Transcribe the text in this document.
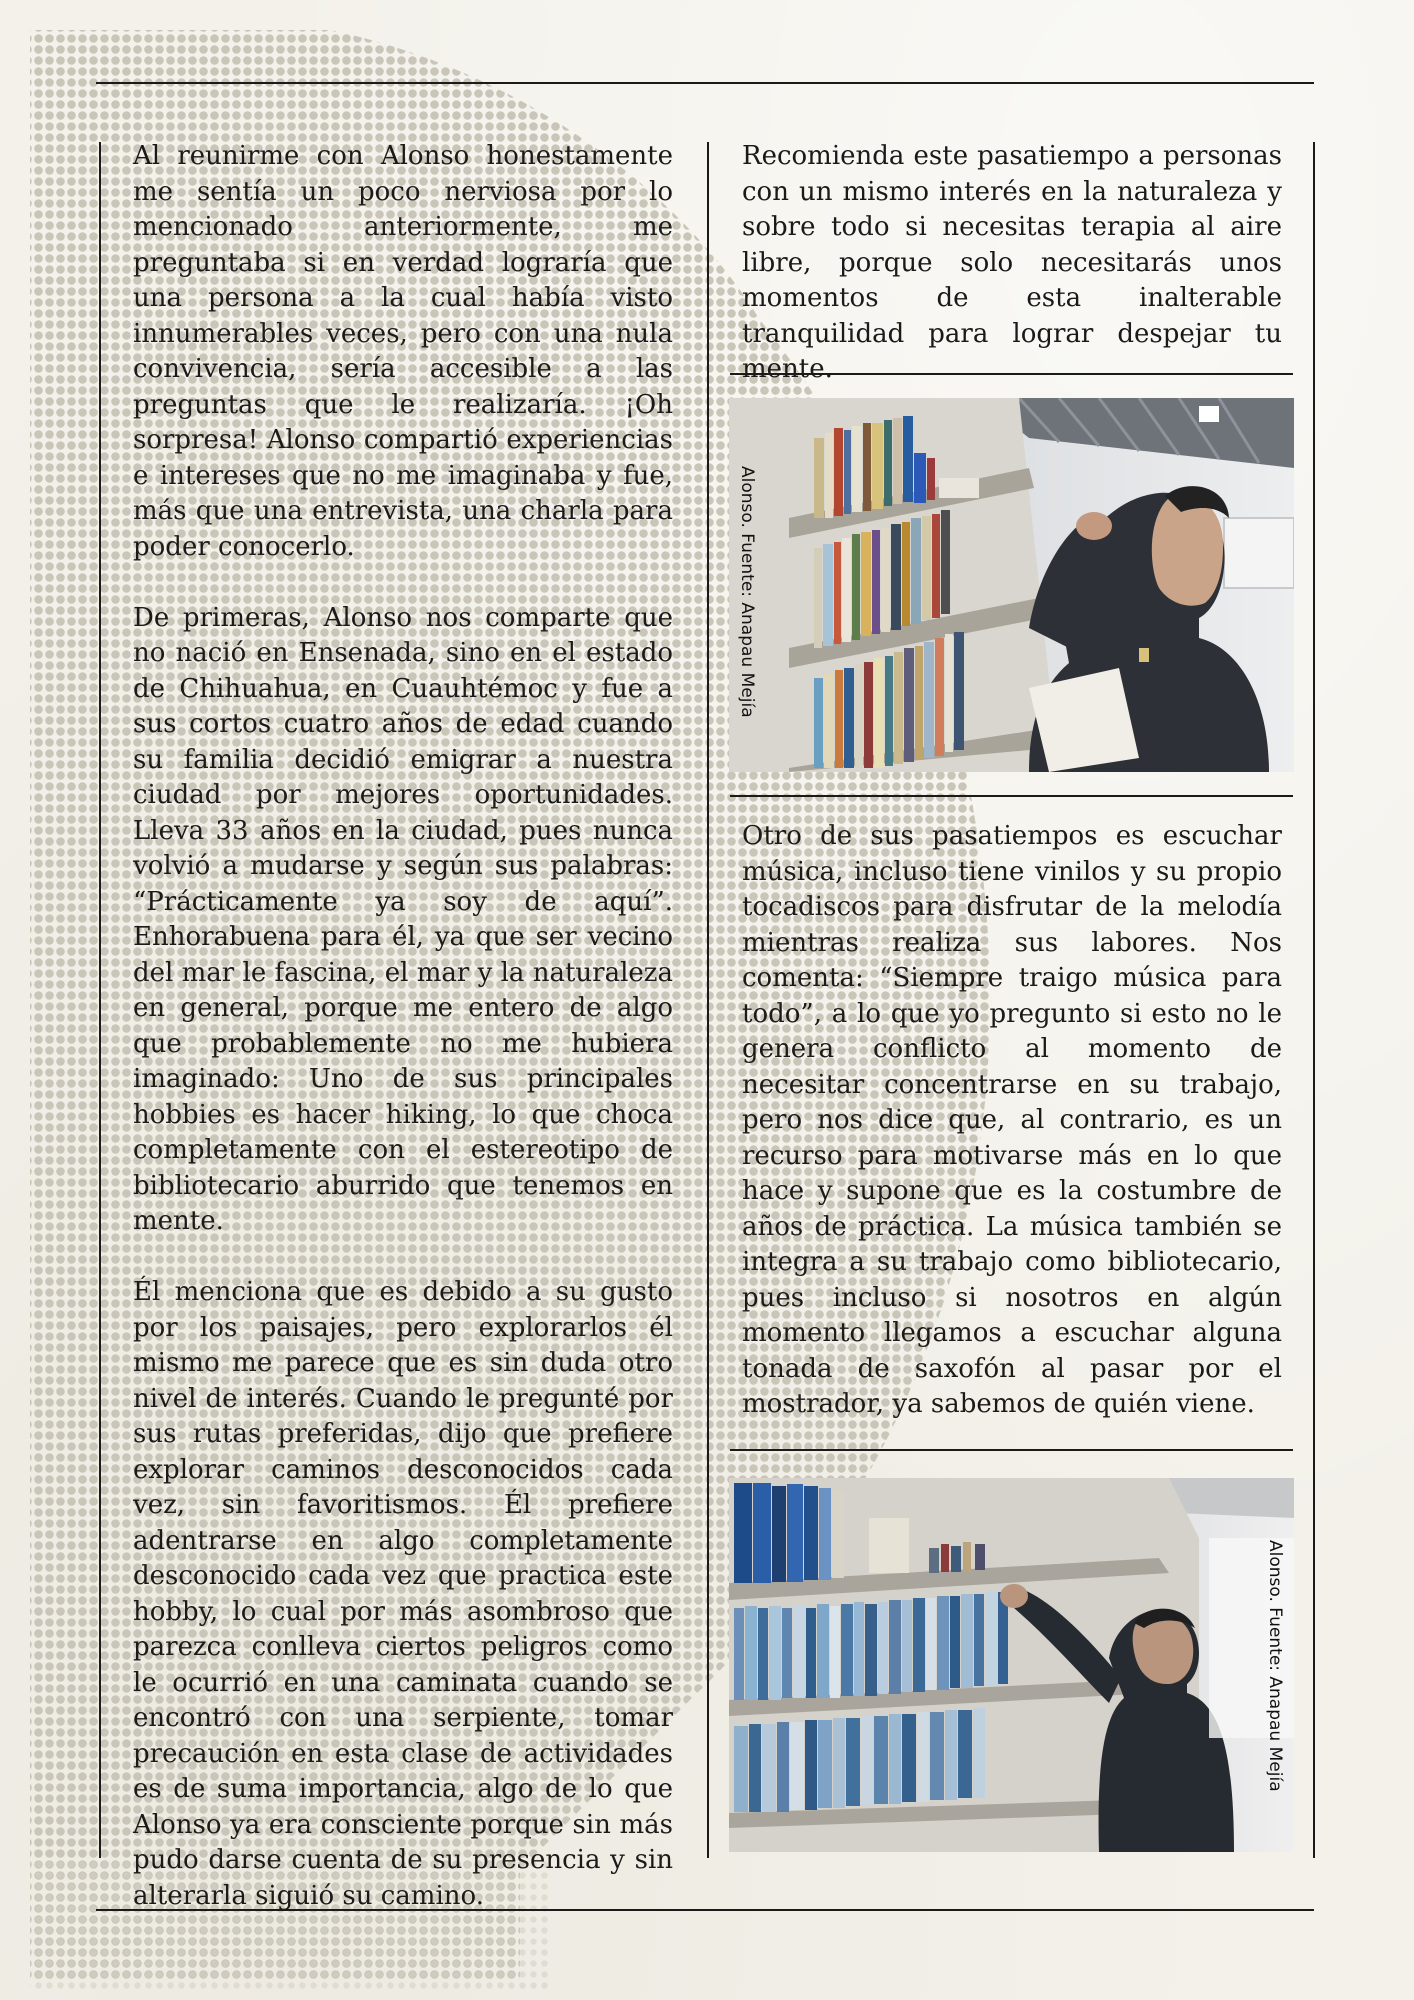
Al reunirme con Alonso honestamente me sentía un poco nerviosa por lo mencionado anteriormente, me preguntaba si en verdad lograría que una persona a la cual había visto innumerables veces, pero con una nula convivencia, sería accesible a las preguntas que le realizaría. ¡Oh sorpresa! Alonso compartió experiencias e intereses que no me imaginaba y fue, más que una entrevista, una charla para poder conocerlo.

De primeras, Alonso nos comparte que no nació en Ensenada, sino en el estado de Chihuahua, en Cuauhtémoc y fue a sus cortos cuatro años de edad cuando su familia decidió emigrar a nuestra ciudad por mejores oportunidades. Lleva 33 años en la ciudad, pues nunca volvió a mudarse y según sus palabras: “Prácticamente ya soy de aquí”. Enhorabuena para él, ya que ser vecino del mar le fascina, el mar y la naturaleza en general, porque me entero de algo que probablemente no me hubiera imaginado: Uno de sus principales hobbies es hacer hiking, lo que choca completamente con el estereotipo de bibliotecario aburrido que tenemos en mente.

Él menciona que es debido a su gusto por los paisajes, pero explorarlos él mismo me parece que es sin duda otro nivel de interés. Cuando le pregunté por sus rutas preferidas, dijo que prefiere explorar caminos desconocidos cada vez, sin favoritismos. Él prefiere adentrarse en algo completamente desconocido cada vez que practica este hobby, lo cual por más asombroso que parezca conlleva ciertos peligros como le ocurrió en una caminata cuando se encontró con una serpiente, tomar precaución en esta clase de actividades es de suma importancia, algo de lo que Alonso ya era consciente porque sin más pudo darse cuenta de su presencia y sin alterarla siguió su camino.

Recomienda este pasatiempo a personas con un mismo interés en la naturaleza y sobre todo si necesitas terapia al aire libre, porque solo necesitarás unos momentos de esta inalterable tranquilidad para lograr despejar tu mente.

Alonso. Fuente: Anapau Mejía

Otro de sus pasatiempos es escuchar música, incluso tiene vinilos y su propio tocadiscos para disfrutar de la melodía mientras realiza sus labores. Nos comenta: “Siempre traigo música para todo”, a lo que yo pregunto si esto no le genera conflicto al momento de necesitar concentrarse en su trabajo, pero nos dice que, al contrario, es un recurso para motivarse más en lo que hace y supone que es la costumbre de años de práctica. La música también se integra a su trabajo como bibliotecario, pues incluso si nosotros en algún momento llegamos a escuchar alguna tonada de saxofón al pasar por el mostrador, ya sabemos de quién viene.

Alonso. Fuente: Anapau Mejía
